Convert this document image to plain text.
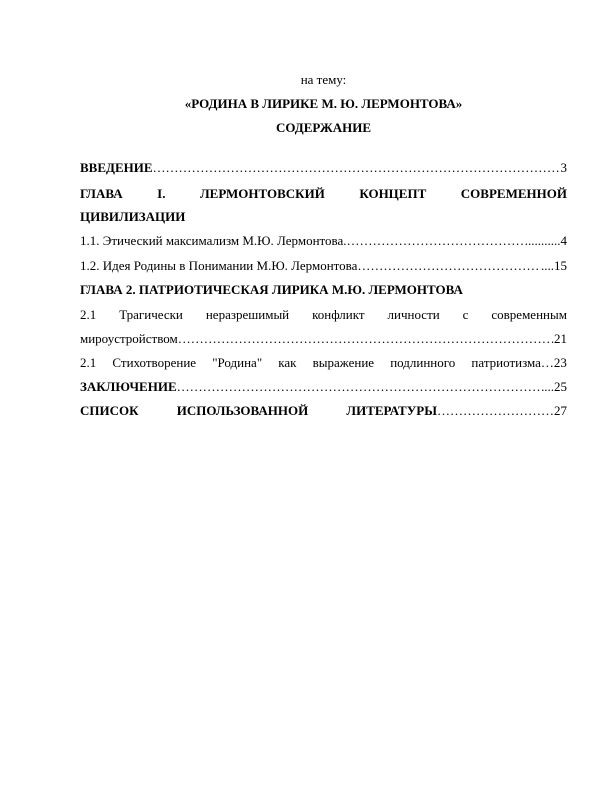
на тему:
«РОДИНА В ЛИРИКЕ М. Ю. ЛЕРМОНТОВА»
СОДЕРЖАНИЕ
ВВЕДЕНИЕ ………………………………………………………………………………………………………………………………………………………………………………	3
ГЛАВА	I.	ЛЕРМОНТОВСКИЙ	КОНЦЕПТ	СОВРЕМЕННОЙ
ЦИВИЛИЗАЦИИ
1.1. Этический максимализм М.Ю. Лермонтова. ………………………………………………………………………………………………………………………………………………………………………………	........... 4
1.2. Идея Родины в Понимании М.Ю. Лермонтова ………………………………………………………………………………………………………………………………………………………………………………	.... 15
ГЛАВА 2. ПАТРИОТИЧЕСКАЯ ЛИРИКА М.Ю. ЛЕРМОНТОВА
2.1 Трагически неразрешимый конфликт личности с современным
мироустройством ………………………………………………………………………………………………………………………………………………………………………………	21
2.1 Стихотворение "Родина" как выражение подлинного патриотизма…23
ЗАКЛЮЧЕНИЕ ………………………………………………………………………………………………………………………………………………………………………………	... 25
СПИСОК	ИСПОЛЬЗОВАННОЙ	ЛИТЕРАТУРЫ………………………27
